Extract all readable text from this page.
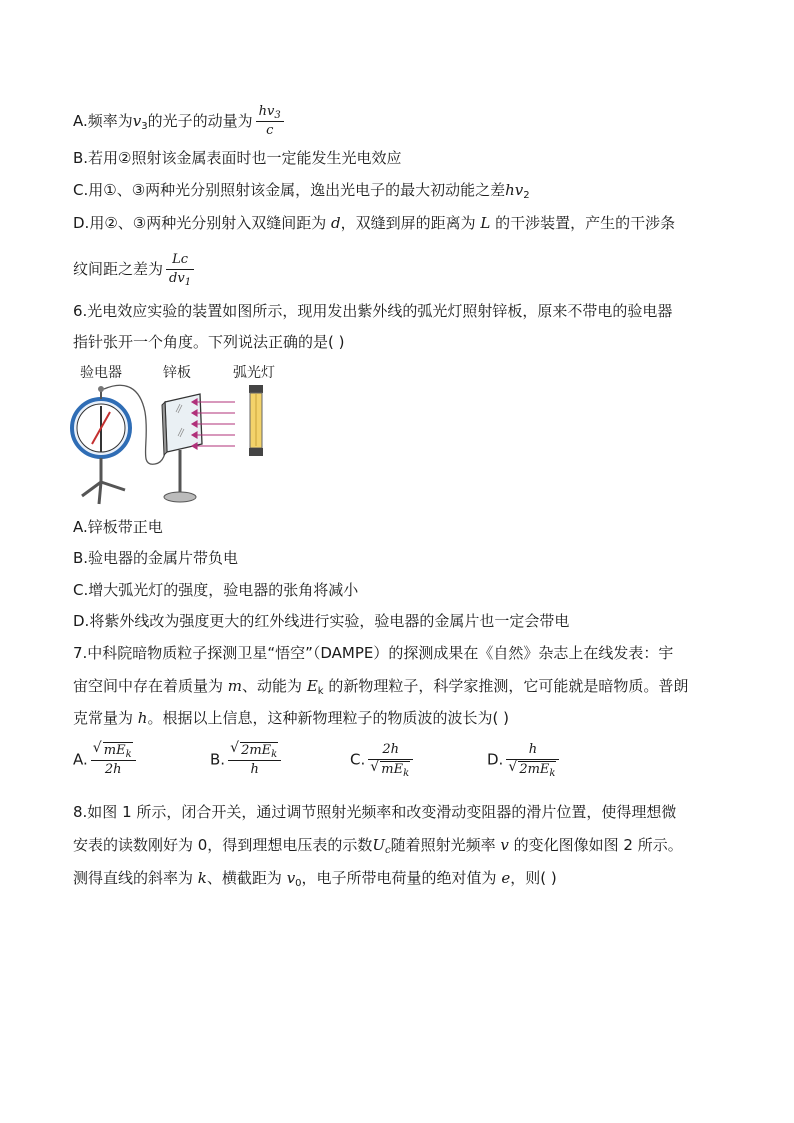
A.频率为$v_3$的光子的动量为 $\frac{hv_3}{c}$
B.若用②照射该金属表面时也一定能发生光电效应
C.用①、③两种光分别照射该金属，逸出光电子的最大初动能之差$hv_2$
D.用②、③两种光分别射入双缝间距为 d，双缝到屏的距离为 L 的干涉装置，产生的干涉条
纹间距之差为 $\frac{Lc}{dv_1}$
6.光电效应实验的装置如图所示，现用发出紫外线的弧光灯照射锌板，原来不带电的验电器
指针张开一个角度。下列说法正确的是( )
验电器	锌板	弧光灯
A.锌板带正电
B.验电器的金属片带负电
C.增大弧光灯的强度，验电器的张角将减小
D.将紫外线改为强度更大的红外线进行实验，验电器的金属片也一定会带电
7.中科院暗物质粒子探测卫星“悟空”（DAMPE）的探测成果在《自然》杂志上在线发表：宇
宙空间中存在着质量为 m、动能为 $E_k$ 的新物理粒子，科学家推测，它可能就是暗物质。普朗
克常量为 h。根据以上信息，这种新物理粒子的物质波的波长为( )
A. √ $\frac{mE_k}{2h}$	B. √ $\frac{2mE_k}{h}$	C. 2h
√ $mE_k$	D. h
√ $2mE_k$
8.如图 1 所示，闭合开关，通过调节照射光频率和改变滑动变阻器的滑片位置，使得理想微
安表的读数刚好为 0，得到理想电压表的示数$U_c$随着照射光频率 v 的变化图像如图 2 所示。
测得直线的斜率为 k、横截距为 $v_0$，电子所带电荷量的绝对值为 e，则( )
